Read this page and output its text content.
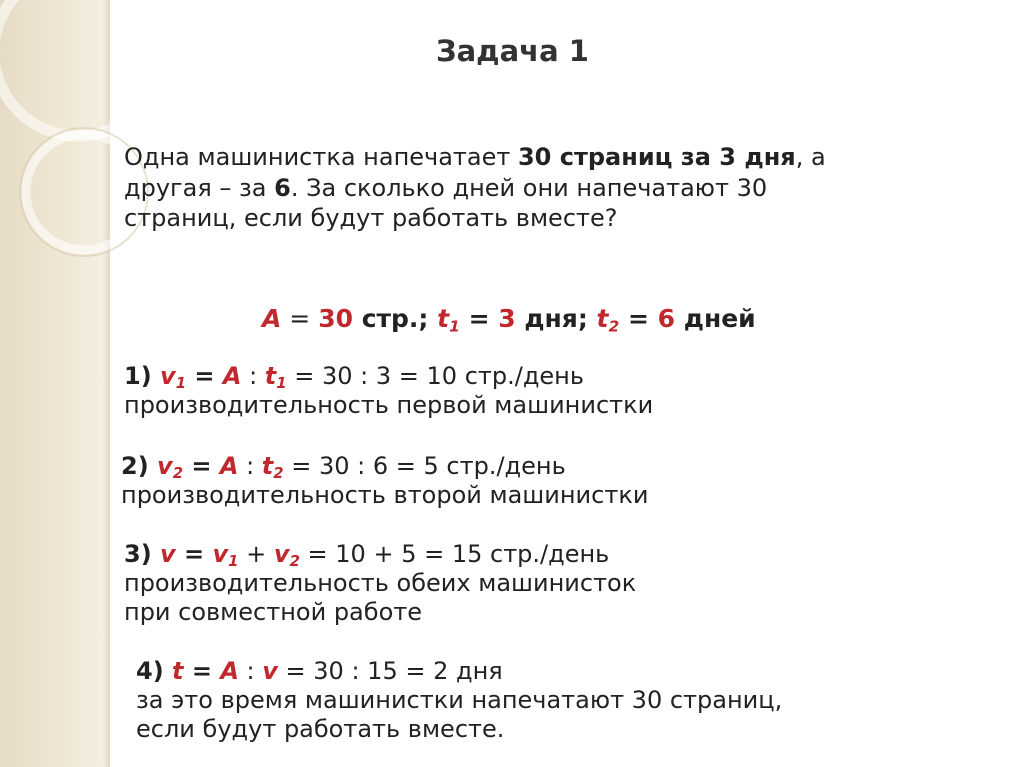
Задача 1
Одна машинистка напечатает 30 страниц за 3 дня, а
другая – за 6. За сколько дней они напечатают 30
страниц, если будут работать вместе?
A = 30 стр.; $t_1 = 3$ дня; $t_2 = 6$ дней
1) $v_1 = A$ : $t_1 = 30$ : 3 = 10 стр./день
производительность первой машинистки
2) $v_2 = A$ : $t_2 = 30$ : 6 = 5 стр./день
производительность второй машинистки
3) $v = v_1 + v_2 = 10 + 5 = 15$ стр./день
производительность обеих машинисток
при совместной работе
4) t = A : v = 30 : 15 = 2 дня
за это время машинистки напечатают 30 страниц,
если будут работать вместе.
